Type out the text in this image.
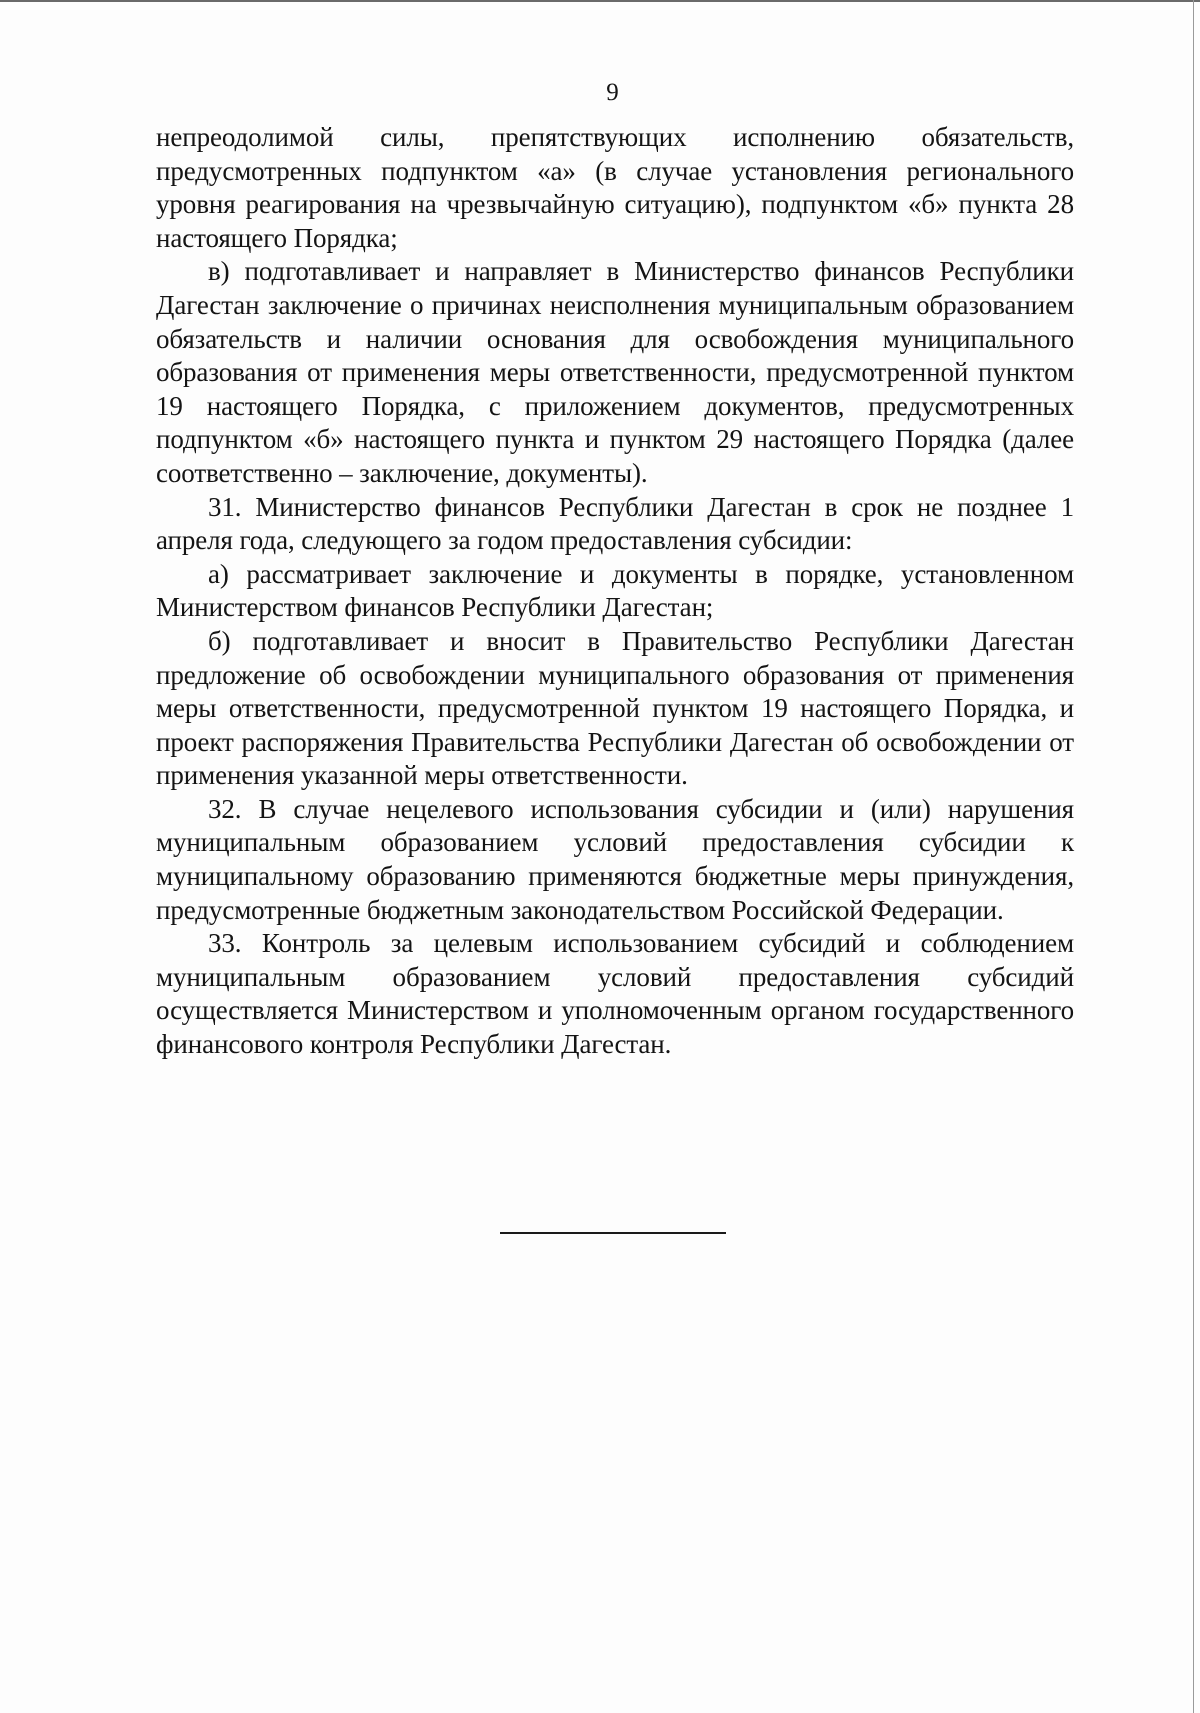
9

непреодолимой силы, препятствующих исполнению обязательств, предусмотренных подпунктом «а» (в случае установления регионального уровня реагирования на чрезвычайную ситуацию), подпунктом «б» пункта 28 настоящего Порядка;

в) подготавливает и направляет в Министерство финансов Республики Дагестан заключение о причинах неисполнения муниципальным образованием обязательств и наличии основания для освобождения муниципального образования от применения меры ответственности, предусмотренной пунктом 19 настоящего Порядка, с приложением документов, предусмотренных подпунктом «б» настоящего пункта и пунктом 29 настоящего Порядка (далее соответственно – заключение, документы).

31. Министерство финансов Республики Дагестан в срок не позднее 1 апреля года, следующего за годом предоставления субсидии:

а) рассматривает заключение и документы в порядке, установленном Министерством финансов Республики Дагестан;

б) подготавливает и вносит в Правительство Республики Дагестан предложение об освобождении муниципального образования от применения меры ответственности, предусмотренной пунктом 19 настоящего Порядка, и проект распоряжения Правительства Республики Дагестан об освобождении от применения указанной меры ответственности.

32. В случае нецелевого использования субсидии и (или) нарушения муниципальным образованием условий предоставления субсидии к муниципальному образованию применяются бюджетные меры принуждения, предусмотренные бюджетным законодательством Российской Федерации.

33. Контроль за целевым использованием субсидий и соблюдением муниципальным образованием условий предоставления субсидий осуществляется Министерством и уполномоченным органом государственного финансового контроля Республики Дагестан.
